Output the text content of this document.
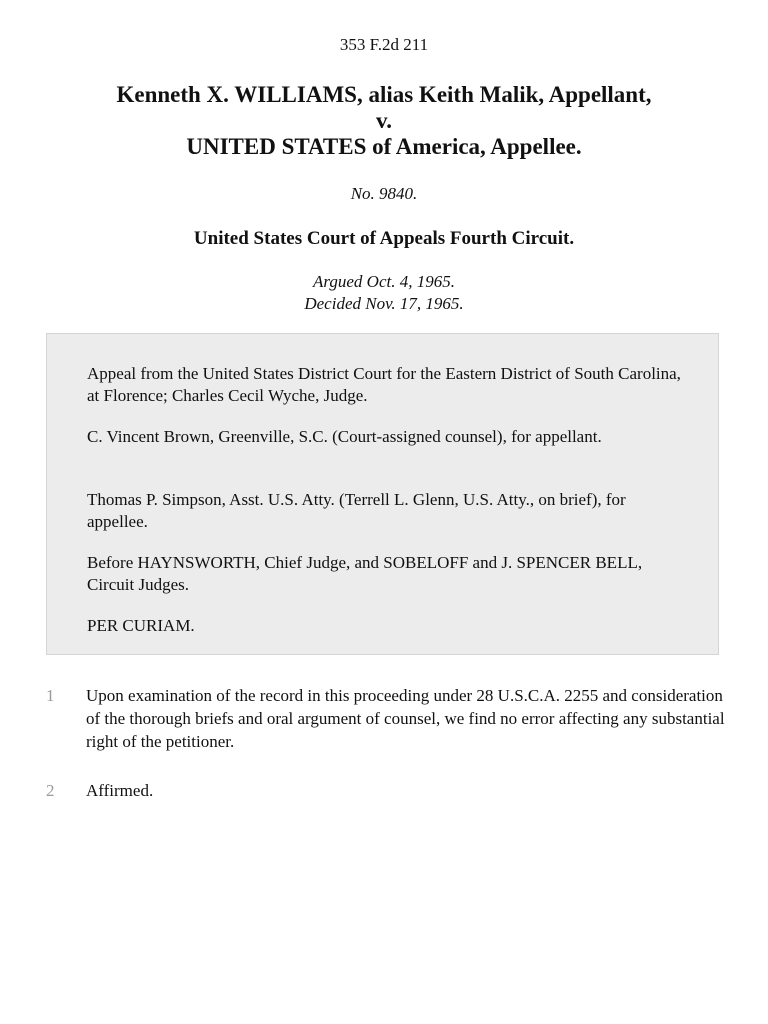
353 F.2d 211
Kenneth X. WILLIAMS, alias Keith Malik, Appellant,
v.
UNITED STATES of America, Appellee.
No. 9840.
United States Court of Appeals Fourth Circuit.
Argued Oct. 4, 1965.
Decided Nov. 17, 1965.

Appeal from the United States District Court for the Eastern District of South Carolina, at Florence; Charles Cecil Wyche, Judge.

C. Vincent Brown, Greenville, S.C. (Court-assigned counsel), for appellant.

Thomas P. Simpson, Asst. U.S. Atty. (Terrell L. Glenn, U.S. Atty., on brief), for appellee.

Before HAYNSWORTH, Chief Judge, and SOBELOFF and J. SPENCER BELL, Circuit Judges.

PER CURIAM.

1 Upon examination of the record in this proceeding under 28 U.S.C.A. 2255 and consideration of the thorough briefs and oral argument of counsel, we find no error affecting any substantial right of the petitioner.
2 Affirmed.
